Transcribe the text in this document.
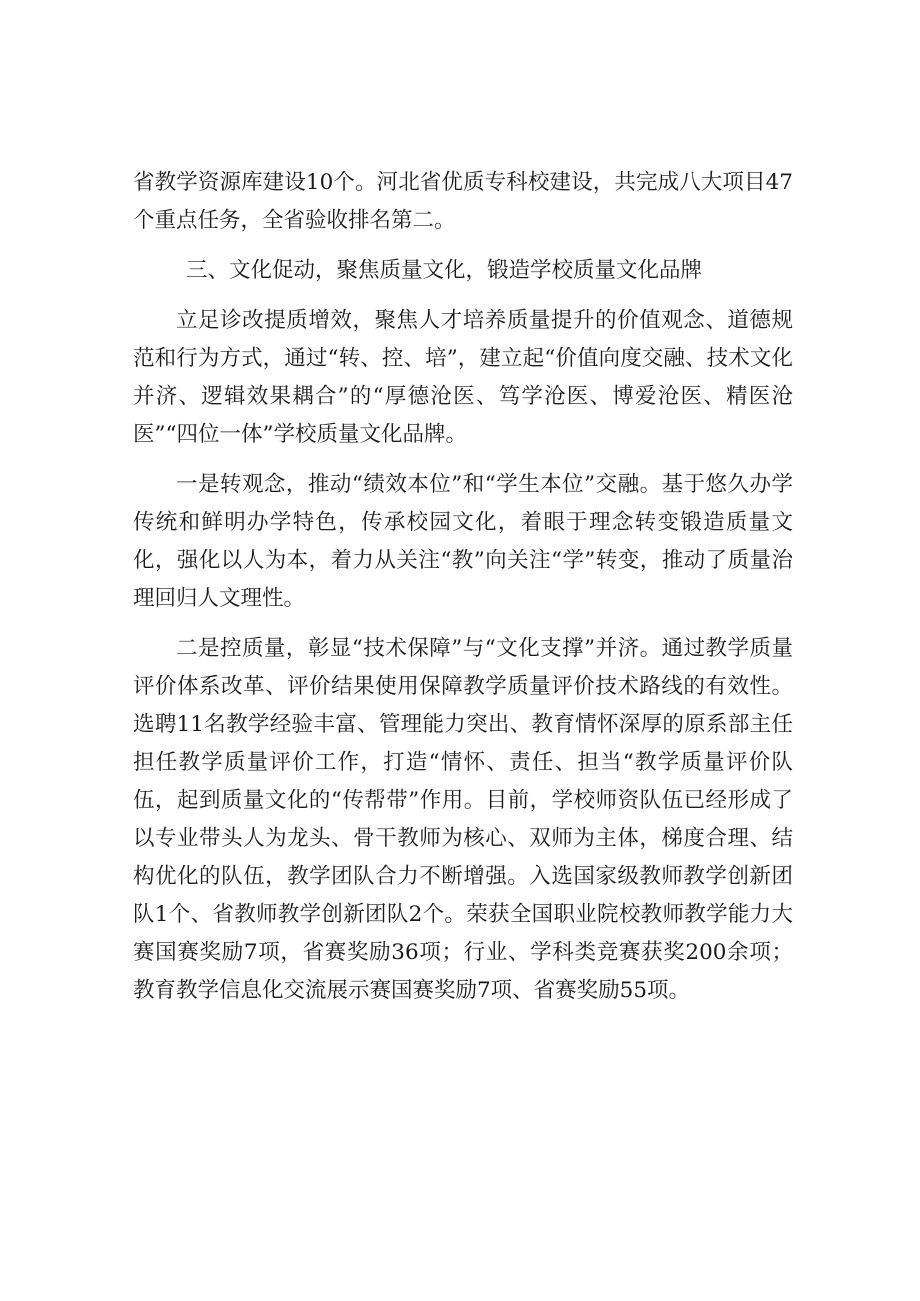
省教学资源库建设10个。河北省优质专科校建设，共完成八大项目47个重点任务，全省验收排名第二。

三、文化促动，聚焦质量文化，锻造学校质量文化品牌

立足诊改提质增效，聚焦人才培养质量提升的价值观念、道德规范和行为方式，通过“转、控、培”，建立起“价值向度交融、技术文化并济、逻辑效果耦合”的“厚德沧医、笃学沧医、博爱沧医、精医沧医”“四位一体”学校质量文化品牌。

一是转观念，推动“绩效本位”和“学生本位”交融。基于悠久办学传统和鲜明办学特色，传承校园文化，着眼于理念转变锻造质量文化，强化以人为本，着力从关注“教”向关注“学”转变，推动了质量治理回归人文理性。

二是控质量，彰显“技术保障”与“文化支撑”并济。通过教学质量评价体系改革、评价结果使用保障教学质量评价技术路线的有效性。选聘11名教学经验丰富、管理能力突出、教育情怀深厚的原系部主任担任教学质量评价工作，打造“情怀、责任、担当“教学质量评价队伍，起到质量文化的“传帮带”作用。目前，学校师资队伍已经形成了以专业带头人为龙头、骨干教师为核心、双师为主体，梯度合理、结构优化的队伍，教学团队合力不断增强。入选国家级教师教学创新团队1个、省教师教学创新团队2个。荣获全国职业院校教师教学能力大赛国赛奖励7项，省赛奖励36项；行业、学科类竞赛获奖200余项；教育教学信息化交流展示赛国赛奖励7项、省赛奖励55项。
